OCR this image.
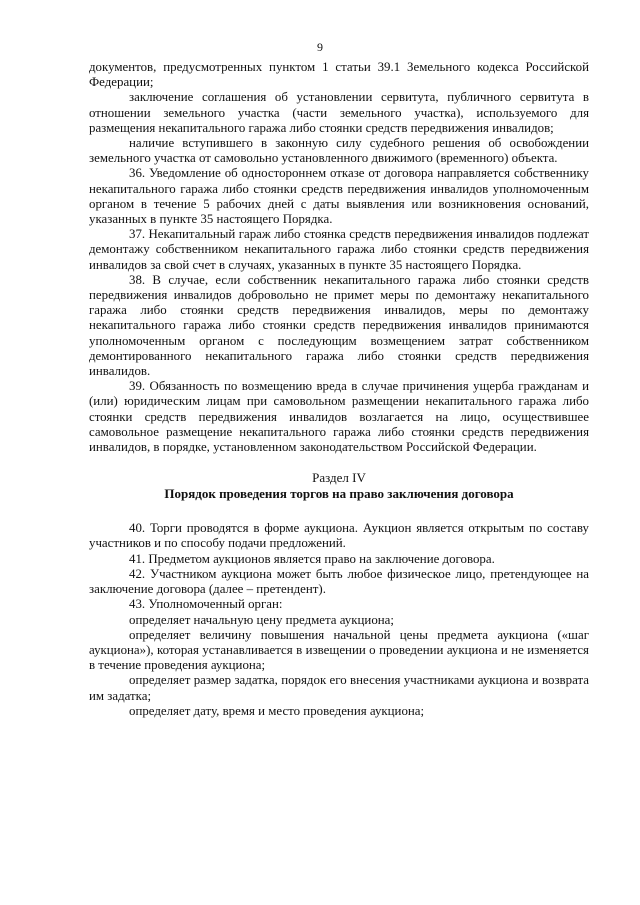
9

документов, предусмотренных пунктом 1 статьи 39.1 Земельного кодекса Российской Федерации;

заключение соглашения об установлении сервитута, публичного сервитута в отношении земельного участка (части земельного участка), используемого для размещения некапитального гаража либо стоянки средств передвижения инвалидов;

наличие вступившего в законную силу судебного решения об освобождении земельного участка от самовольно установленного движимого (временного) объекта.

36. Уведомление об одностороннем отказе от договора направляется собственнику некапитального гаража либо стоянки средств передвижения инвалидов уполномоченным органом в течение 5 рабочих дней с даты выявления или возникновения оснований, указанных в пункте 35 настоящего Порядка.

37. Некапитальный гараж либо стоянка средств передвижения инвалидов подлежат демонтажу собственником некапитального гаража либо стоянки средств передвижения инвалидов за свой счет в случаях, указанных в пункте 35 настоящего Порядка.

38. В случае, если собственник некапитального гаража либо стоянки средств передвижения инвалидов добровольно не примет меры по демонтажу некапитального гаража либо стоянки средств передвижения инвалидов, меры по демонтажу некапитального гаража либо стоянки средств передвижения инвалидов принимаются уполномоченным органом с последующим возмещением затрат собственником демонтированного некапитального гаража либо стоянки средств передвижения инвалидов.

39. Обязанность по возмещению вреда в случае причинения ущерба гражданам и (или) юридическим лицам при самовольном размещении некапитального гаража либо стоянки средств передвижения инвалидов возлагается на лицо, осуществившее самовольное размещение некапитального гаража либо стоянки средств передвижения инвалидов, в порядке, установленном законодательством Российской Федерации.

Раздел IV
Порядок проведения торгов на право заключения договора

40. Торги проводятся в форме аукциона. Аукцион является открытым по составу участников и по способу подачи предложений.

41. Предметом аукционов является право на заключение договора.

42. Участником аукциона может быть любое физическое лицо, претендующее на заключение договора (далее – претендент).

43. Уполномоченный орган:

определяет начальную цену предмета аукциона;

определяет величину повышения начальной цены предмета аукциона («шаг аукциона»), которая устанавливается в извещении о проведении аукциона и не изменяется в течение проведения аукциона;

определяет размер задатка, порядок его внесения участниками аукциона и возврата им задатка;

определяет дату, время и место проведения аукциона;
